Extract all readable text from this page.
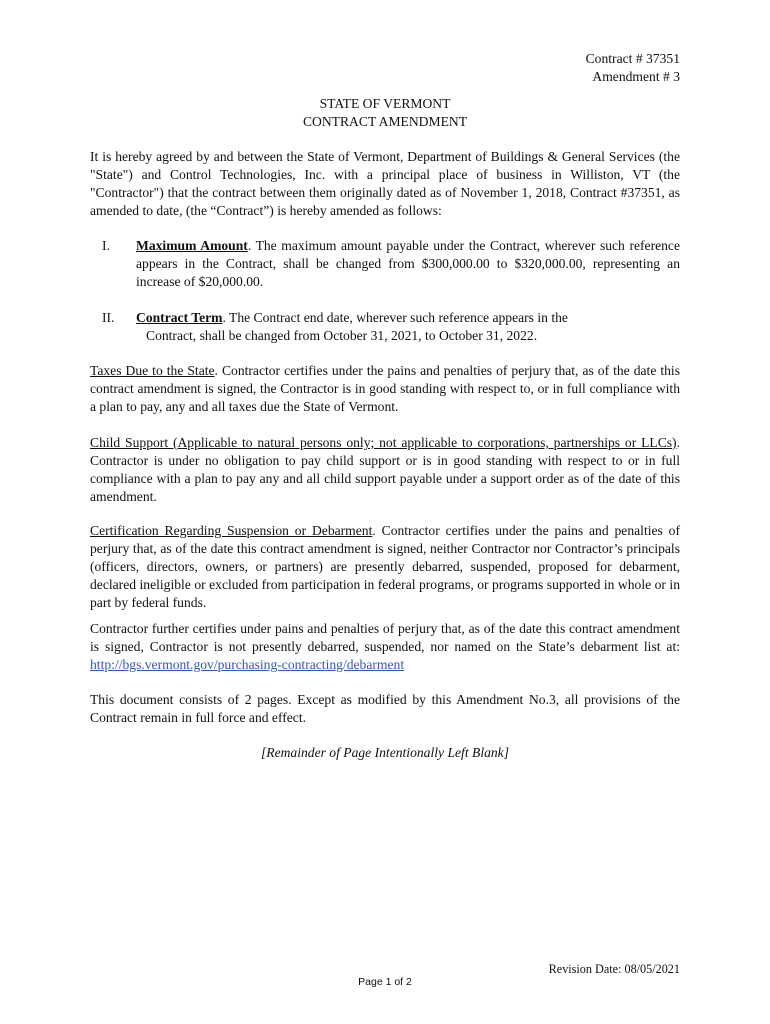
Contract # 37351
Amendment # 3
STATE OF VERMONT
CONTRACT AMENDMENT
It is hereby agreed by and between the State of Vermont, Department of Buildings & General Services (the "State") and Control Technologies, Inc. with a principal place of business in Williston, VT (the "Contractor") that the contract between them originally dated as of November 1, 2018, Contract #37351, as amended to date, (the “Contract”) is hereby amended as follows:
I. Maximum Amount. The maximum amount payable under the Contract, wherever such reference appears in the Contract, shall be changed from $300,000.00 to $320,000.00, representing an increase of $20,000.00.
II. Contract Term. The Contract end date, wherever such reference appears in the
Contract, shall be changed from October 31, 2021, to October 31, 2022.
Taxes Due to the State. Contractor certifies under the pains and penalties of perjury that, as of the date this contract amendment is signed, the Contractor is in good standing with respect to, or in full compliance with a plan to pay, any and all taxes due the State of Vermont.
Child Support (Applicable to natural persons only; not applicable to corporations, partnerships or LLCs). Contractor is under no obligation to pay child support or is in good standing with respect to or in full compliance with a plan to pay any and all child support payable under a support order as of the date of this amendment.
Certification Regarding Suspension or Debarment. Contractor certifies under the pains and penalties of perjury that, as of the date this contract amendment is signed, neither Contractor nor Contractor’s principals (officers, directors, owners, or partners) are presently debarred, suspended, proposed for debarment, declared ineligible or excluded from participation in federal programs, or programs supported in whole or in part by federal funds.
Contractor further certifies under pains and penalties of perjury that, as of the date this contract amendment is signed, Contractor is not presently debarred, suspended, nor named on the State’s debarment list at: http://bgs.vermont.gov/purchasing-contracting/debarment
This document consists of 2 pages. Except as modified by this Amendment No.3, all provisions of the Contract remain in full force and effect.
[Remainder of Page Intentionally Left Blank]
Revision Date: 08/05/2021
Page 1 of 2
